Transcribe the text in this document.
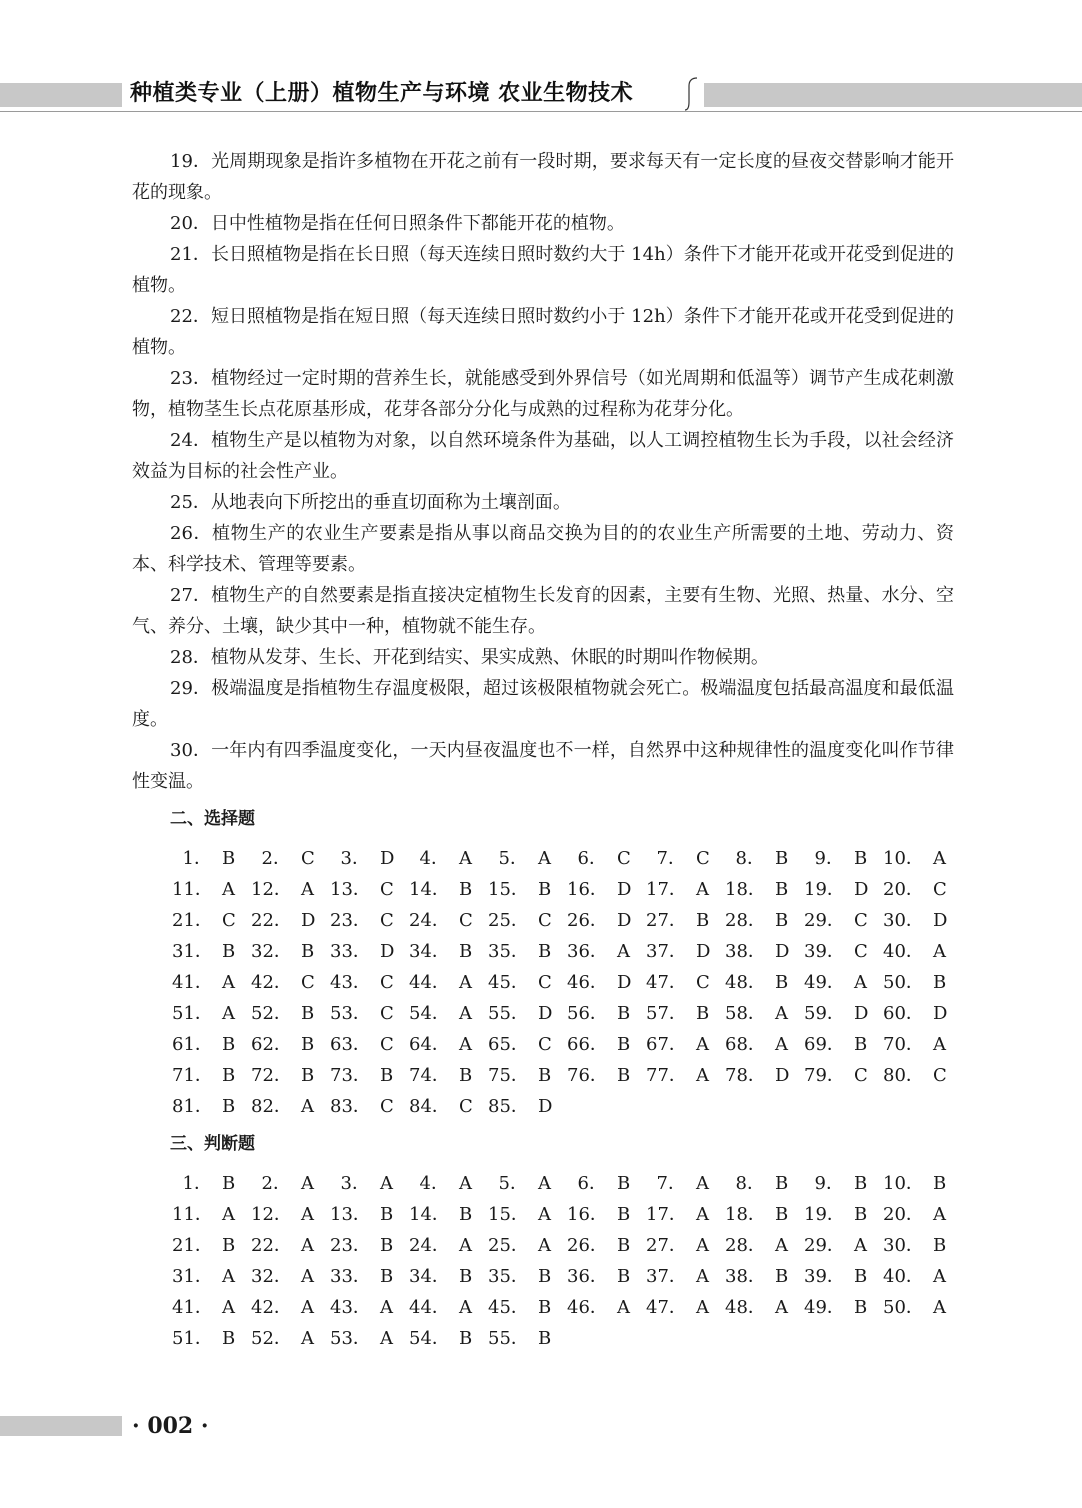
种植类专业（上册）植物生产与环境 农业生物技术

19．光周期现象是指许多植物在开花之前有一段时期，要求每天有一定长度的昼夜交替影响才能开花的现象。

20．日中性植物是指在任何日照条件下都能开花的植物。

21．长日照植物是指在长日照（每天连续日照时数约大于 14h）条件下才能开花或开花受到促进的植物。

22．短日照植物是指在短日照（每天连续日照时数约小于 12h）条件下才能开花或开花受到促进的植物。

23．植物经过一定时期的营养生长，就能感受到外界信号（如光周期和低温等）调节产生成花刺激物，植物茎生长点花原基形成，花芽各部分分化与成熟的过程称为花芽分化。

24．植物生产是以植物为对象，以自然环境条件为基础，以人工调控植物生长为手段，以社会经济效益为目标的社会性产业。

25．从地表向下所挖出的垂直切面称为土壤剖面。

26．植物生产的农业生产要素是指从事以商品交换为目的的农业生产所需要的土地、劳动力、资本、科学技术、管理等要素。

27．植物生产的自然要素是指直接决定植物生长发育的因素，主要有生物、光照、热量、水分、空气、养分、土壤，缺少其中一种，植物就不能生存。

28．植物从发芽、生长、开花到结实、果实成熟、休眠的时期叫作物候期。

29．极端温度是指植物生存温度极限，超过该极限植物就会死亡。极端温度包括最高温度和最低温度。

30．一年内有四季温度变化，一天内昼夜温度也不一样，自然界中这种规律性的温度变化叫作节律性变温。

二、选择题
1． B	2． C	3． D	4． A	5． A	6． C	7． C	8． B	9． B 10． A
11． A 12． A 13． C 14． B 15． B 16． D 17． A 18． B 19． D 20． C
21． C 22． D 23． C 24． C 25． C 26． D 27． B 28． B 29． C 30． D
31． B 32． B 33． D 34． B 35． B 36． A 37． D 38． D 39． C 40． A
41． A 42． C 43． C 44． A 45． C 46． D 47． C 48． B 49． A 50． B
51． A 52． B 53． C 54． A 55． D 56． B 57． B 58． A 59． D 60． D
61． B 62． B 63． C 64． A 65． C 66． B 67． A 68． A 69． B 70． A
71． B 72． B 73． B 74． B 75． B 76． B 77． A 78． D 79． C 80． C
81． B 82． A 83． C 84． C 85． D
三、判断题
1． B	2． A	3． A	4． A	5． A	6． B	7． A	8． B	9． B 10． B
11． A 12． A 13． B 14． B 15． A 16． B 17． A 18． B 19． B 20． A
21． B 22． A 23． B 24． A 25． A 26． B 27． A 28． A 29． A 30． B
31． A 32． A 33． B 34． B 35． B 36． B 37． A 38． B 39． B 40． A
41． A 42． A 43． A 44． A 45． B 46． A 47． A 48． A 49． B 50． A
51． B 52． A 53． A 54． B 55． B
· 002 ·
